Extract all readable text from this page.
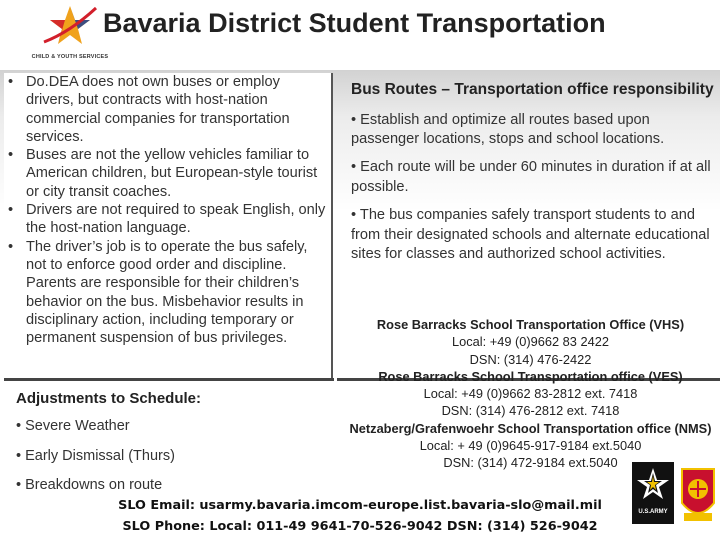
CHILD & YOUTH SERVICES
Bavaria District Student Transportation
• Do.DEA does not own buses or employ drivers, but contracts with host-nation commercial companies for transportation services.
• Buses are not the yellow vehicles familiar to American children, but European-style tourist or city transit coaches.
• Drivers are not required to speak English, only the host-nation language.
• The driver’s job is to operate the bus safely, not to enforce good order and discipline. Parents are responsible for their children’s behavior on the bus. Misbehavior results in disciplinary action, including temporary or permanent suspension of bus privileges.
Adjustments to Schedule:
• Severe Weather
• Early Dismissal (Thurs)
• Breakdowns on route
Bus Routes – Transportation office responsibility
• Establish and optimize all routes based upon passenger locations, stops and school locations.
• Each route will be under 60 minutes in duration if at all possible.
• The bus companies safely transport students to and from their designated schools and alternate educational sites for classes and authorized school activities.
Rose Barracks School Transportation Office (VHS)
Local: +49 (0)9662 83 2422
DSN: (314) 476-2422
Rose Barracks School Transportation office (VES)
Local: +49 (0)9662 83-2812 ext. 7418
DSN: (314) 476-2812 ext. 7418
Netzaberg/Grafenwoehr School Transportation office (NMS)
Local: + 49 (0)9645-917-9184 ext.5040
DSN: (314) 472-9184 ext.5040
U.S.ARMY
SLO Email: usarmy.bavaria.imcom-europe.list.bavaria-slo@mail.mil
SLO Phone: Local: 011-49 9641-70-526-9042 DSN: (314) 526-9042
